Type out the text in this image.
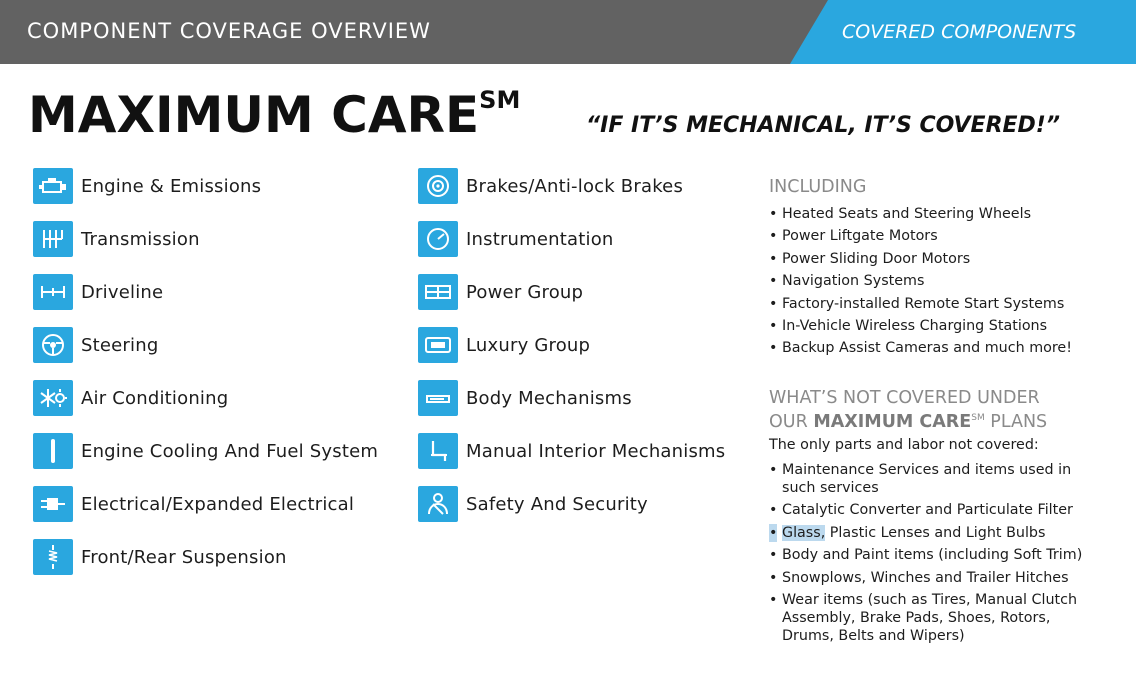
COMPONENT COVERAGE OVERVIEW	COVERED COMPONENTS
MAXIMUM CARE℠
“IF IT’S MECHANICAL, IT’S COVERED!”
Engine & Emissions
Transmission
Driveline
Steering
Air Conditioning
Engine Cooling And Fuel System
Electrical/Expanded Electrical
Front/Rear Suspension
Brakes/Anti-lock Brakes
Instrumentation
Power Group
Luxury Group
Body Mechanisms
Manual Interior Mechanisms
Safety And Security
INCLUDING
• Heated Seats and Steering Wheels
• Power Liftgate Motors
• Power Sliding Door Motors
• Navigation Systems
• Factory-installed Remote Start Systems
• In-Vehicle Wireless Charging Stations
• Backup Assist Cameras and much more!
WHAT’S NOT COVERED UNDER
OUR MAXIMUM CARE℠ PLANS
The only parts and labor not covered:
• Maintenance Services and items used in such services
• Catalytic Converter and Particulate Filter
• Glass, Plastic Lenses and Light Bulbs
• Body and Paint items (including Soft Trim)
• Snowplows, Winches and Trailer Hitches
• Wear items (such as Tires, Manual Clutch Assembly, Brake Pads, Shoes, Rotors, Drums, Belts and Wipers)
